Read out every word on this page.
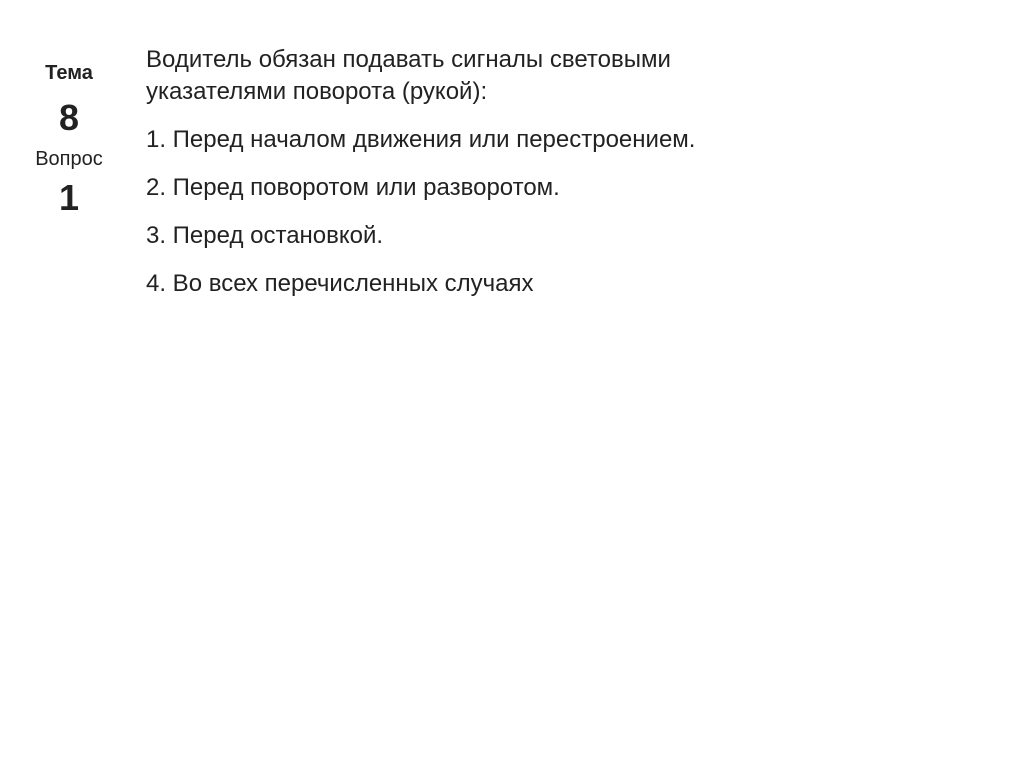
Тема
8
Вопрос
1

Водитель обязан подавать сигналы световыми
указателями поворота (рукой):

1. Перед началом движения или перестроением.
2. Перед поворотом или разворотом.
3. Перед остановкой.
4. Во всех перечисленных случаях
